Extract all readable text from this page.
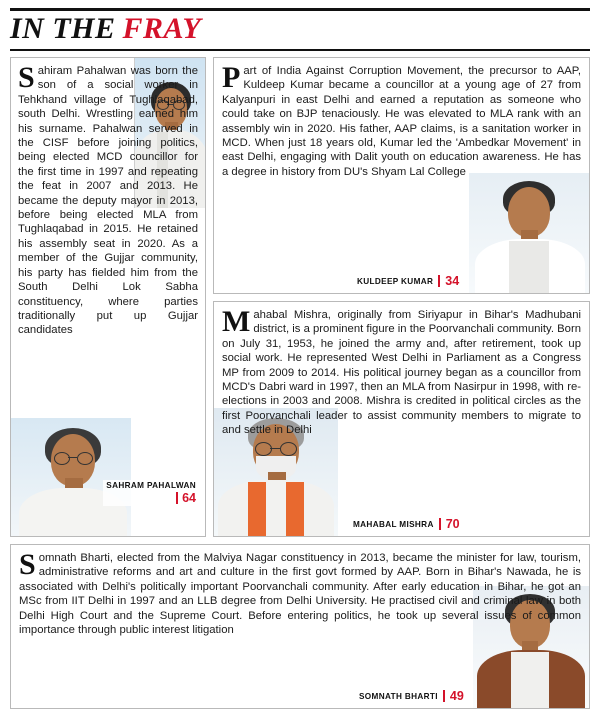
IN THE FRAY
S ahiram Pahalwan was born the son of a social worker in Tehkhand village of Tughlaqabad, south Delhi. Wrestling earned him his surname. Pahalwan served in the CISF before joining politics, being elected MCD councillor for the first time in 1997 and repeating the feat in 2007 and 2013. He became the deputy mayor in 2013, before being elected MLA from Tughlaqabad in 2015. He retained his assembly seat in 2020. As a member of the Gujjar community, his party has fielded him from the South Delhi Lok Sabha constituency, where parties traditionally put up Gujjar candidates
SAHRAM PAHALWAN
64
P art of India Against Corruption Movement, the precursor to AAP, Kuldeep Kumar became a councillor at a young age of 27 from Kalyanpuri in east Delhi and earned a reputation as someone who could take on BJP tenaciously. He was elevated to MLA rank with an assembly win in 2020. His father, AAP claims, is a sanitation worker in MCD. When just 18 years old, Kumar led the 'Ambedkar Movement' in east Delhi, engaging with Dalit youth on education awareness. He has a degree in history from DU's Shyam Lal College
KULDEEP KUMAR 34
M ahabal Mishra, originally from Siriyapur in Bihar's Madhubani district, is a prominent figure in the Poorvanchali community. Born on July 31, 1953, he joined the army and, after retirement, took up social work. He represented West Delhi in Parliament as a Congress MP from 2009 to 2014. His political journey began as a councillor from MCD's Dabri ward in 1997, then an MLA from Nasirpur in 1998, with re-elections in 2003 and 2008. Mishra is credited in political circles as the first Poorvanchali leader to assist community members to migrate to and settle in Delhi
MAHABAL MISHRA 70
S omnath Bharti, elected from the Malviya Nagar constituency in 2013, became the minister for law, tourism, administrative reforms and art and culture in the first govt formed by AAP. Born in Bihar's Nawada, he is associated with Delhi's politically important Poorvanchali community. After early education in Bihar, he got an MSc from IIT Delhi in 1997 and an LLB degree from Delhi University. He practised civil and criminal law in both Delhi High Court and the Supreme Court. Before entering politics, he took up several issues of common importance through public interest litigation
SOMNATH BHARTI 49
